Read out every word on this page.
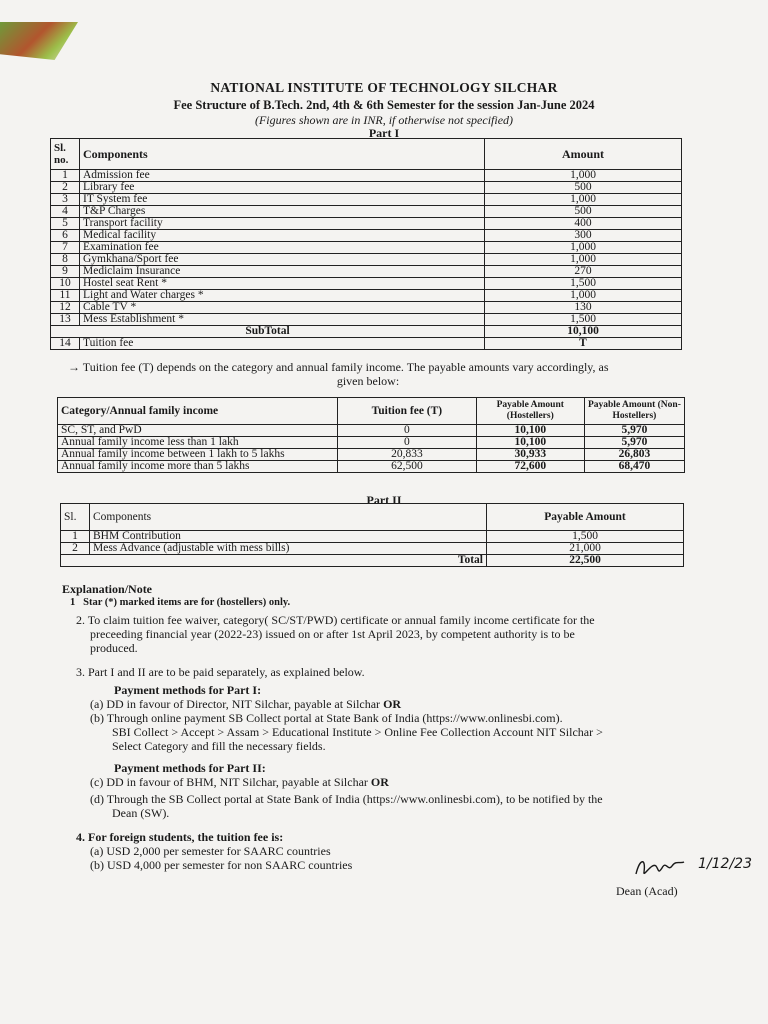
NATIONAL INSTITUTE OF TECHNOLOGY SILCHAR
Fee Structure of B.Tech. 2nd, 4th & 6th Semester for the session Jan-June 2024
(Figures shown are in INR, if otherwise not specified)
Part I
Sl. no.	Components	Amount
1	Admission fee	1,000
2	Library fee	500
3	IT System fee	1,000
4	T&P Charges	500
5	Transport facility	400
6	Medical facility	300
7	Examination fee	1,000
8	Gymkhana/Sport fee	1,000
9	Mediclaim Insurance	270
10	Hostel seat Rent *	1,500
11	Light and Water charges *	1,000
12	Cable TV *	130
13	Mess Establishment *	1,500
SubTotal		10,100
14	Tuition fee	T
→ Tuition fee (T) depends on the category and annual family income. The payable amounts vary accordingly, as

given below:
Category/Annual family income	Tuition fee (T)	Payable Amount (Hostellers)	Payable Amount (Non-Hostellers)
SC, ST, and PwD	0	10,100	5,970
Annual family income less than 1 lakh	0	10,100	5,970
Annual family income between 1 lakh to 5 lakhs	20,833	30,933	26,803
Annual family income more than 5 lakhs	62,500	72,600	68,470
Part II
Sl.	Components	Payable Amount
1	BHM Contribution	1,500
2	Mess Advance (adjustable with mess bills)	21,000
Total		22,500

Explanation/Note

1 Star (*) marked items are for (hostellers) only.

2. To claim tuition fee waiver, category( SC/ST/PWD) certificate or annual family income certificate for the
preceeding financial year (2022-23) issued on or after 1st April 2023, by competent authority is to be
produced.

3. Part I and II are to be paid separately, as explained below.

Payment methods for Part I:

(a) DD in favour of Director, NIT Silchar, payable at Silchar OR

(b) Through online payment SB Collect portal at State Bank of India (https://www.onlinesbi.com).
SBI Collect > Accept > Assam > Educational Institute > Online Fee Collection Account NIT Silchar >
Select Category and fill the necessary fields.

Payment methods for Part II:

(c) DD in favour of BHM, NIT Silchar, payable at Silchar OR

(d) Through the SB Collect portal at State Bank of India (https://www.onlinesbi.com), to be notified by the
Dean (SW).

4. For foreign students, the tuition fee is:

(a) USD 2,000 per semester for SAARC countries

(b) USD 4,000 per semester for non SAARC countries	1/12/23
Dean (Acad)
